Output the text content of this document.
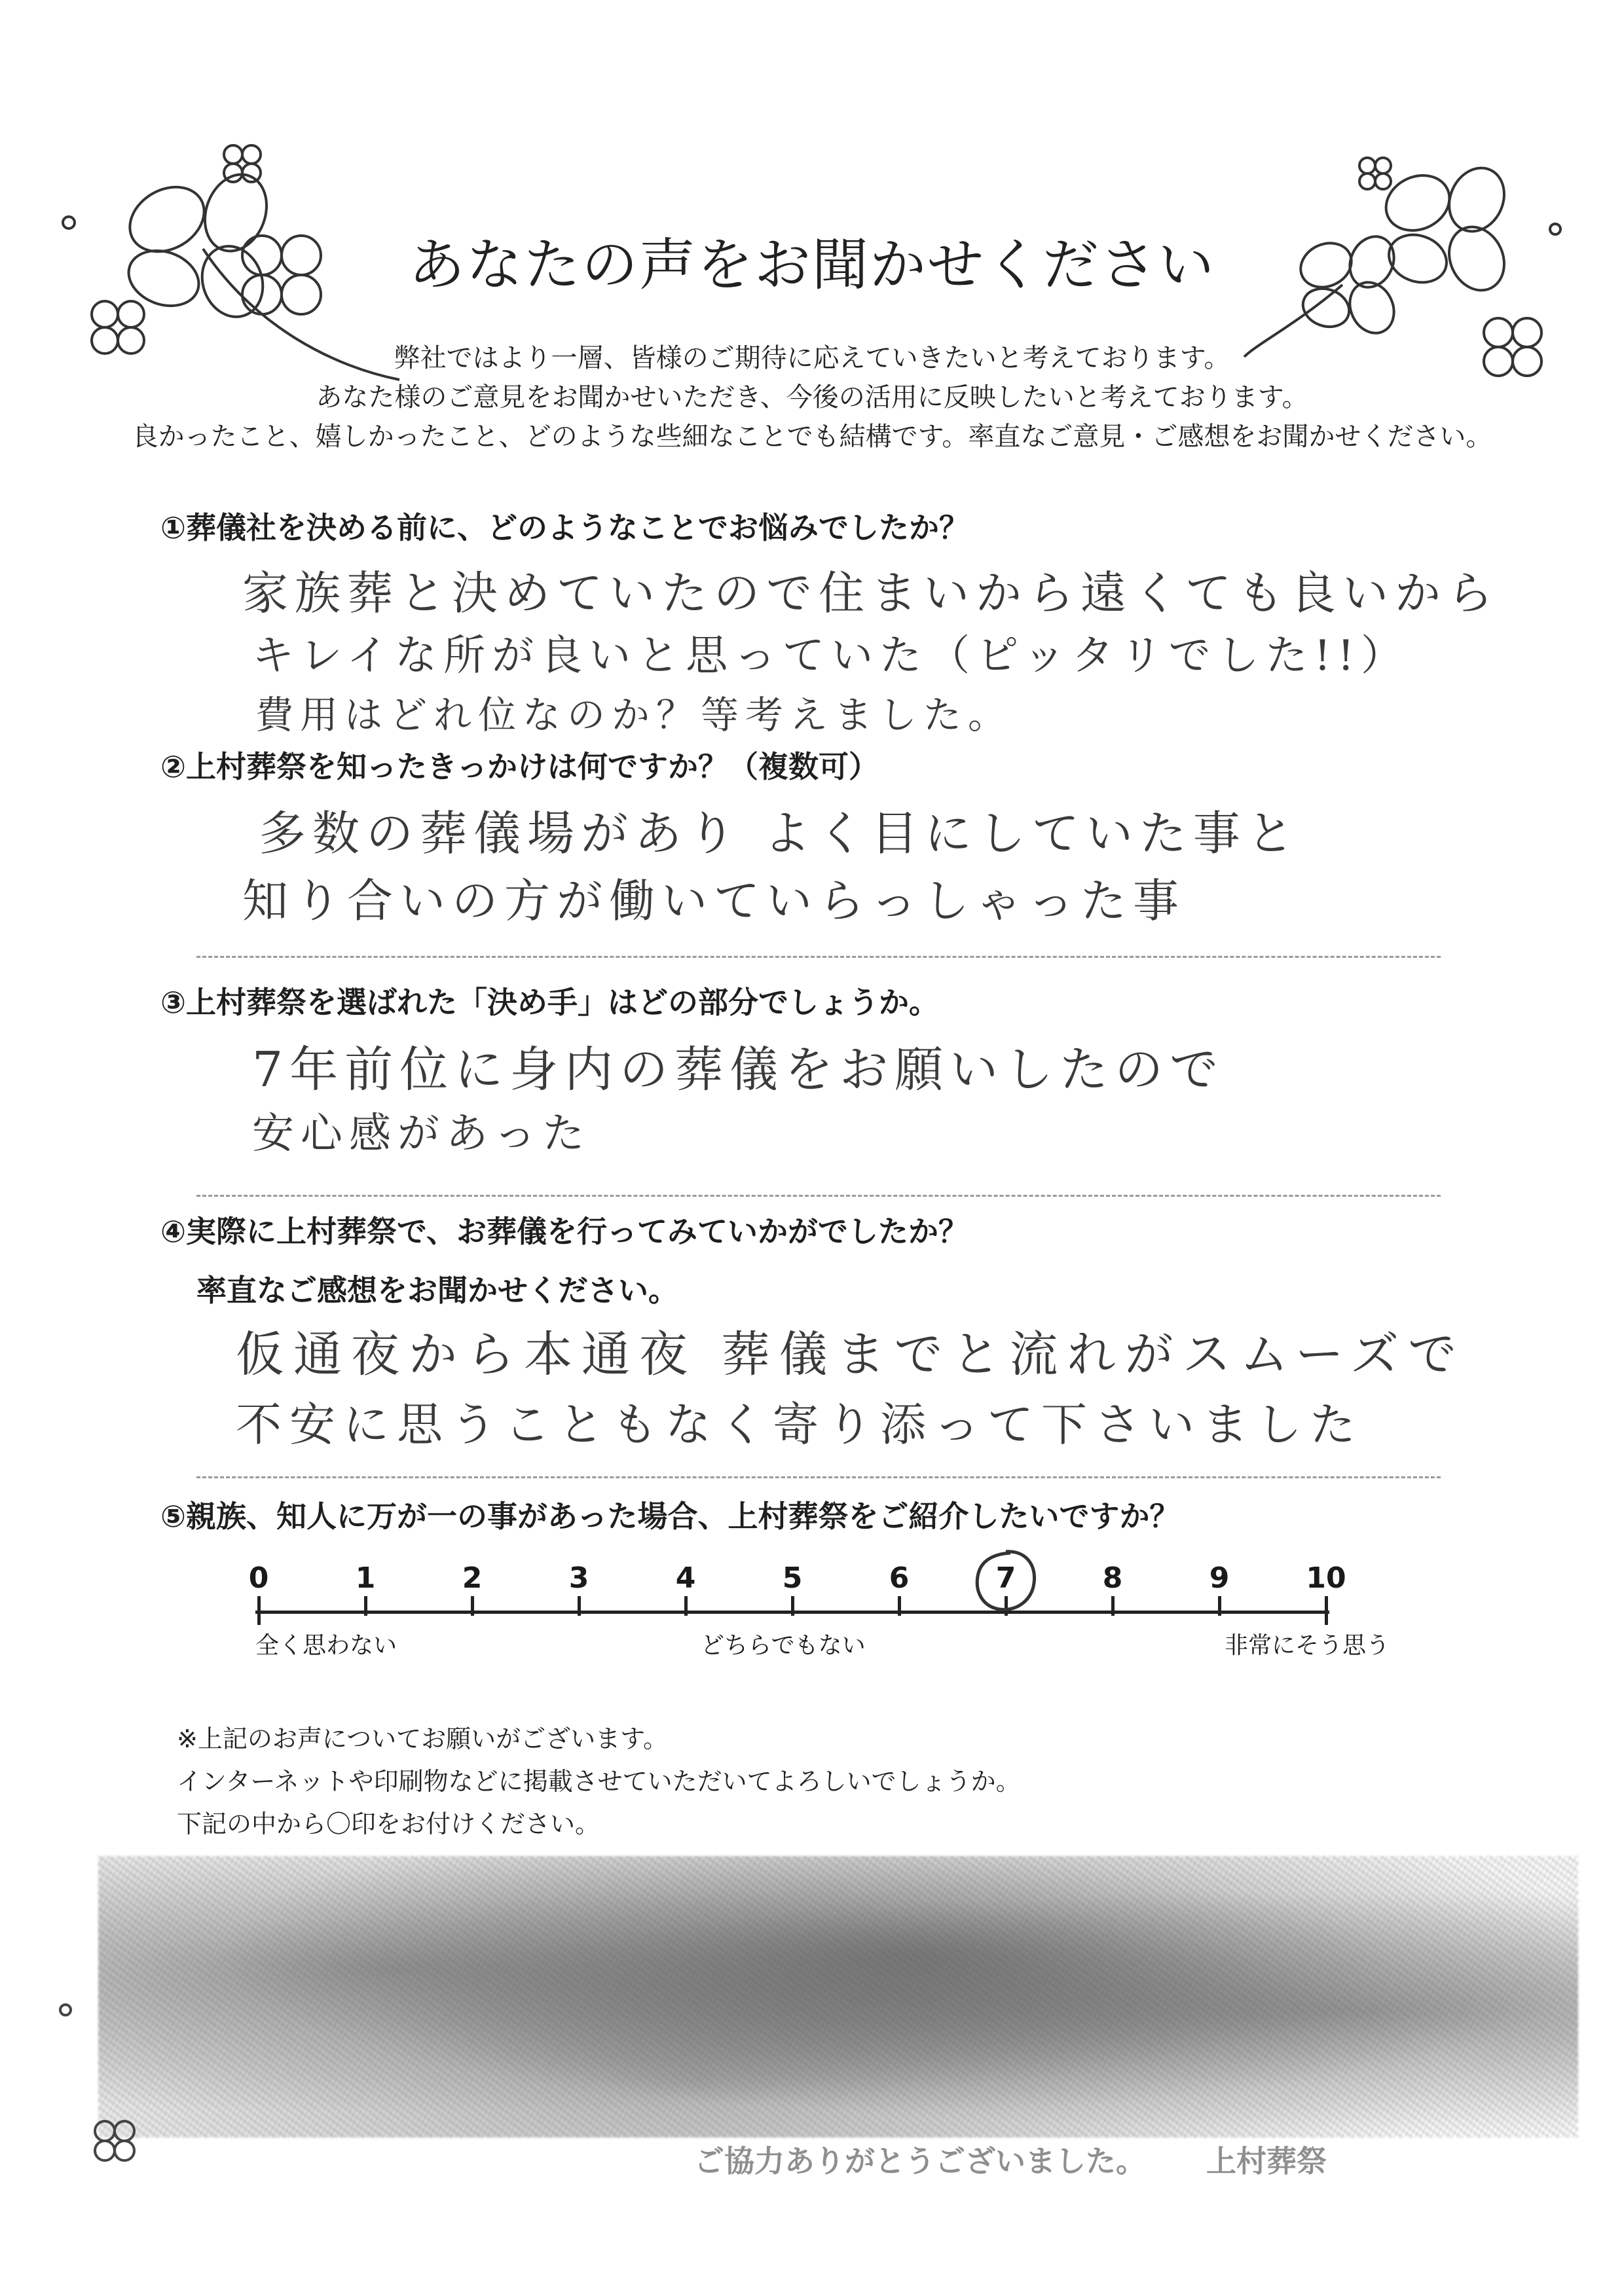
あなたの声をお聞かせください
弊社ではより一層、皆様のご期待に応えていきたいと考えております。
あなた様のご意見をお聞かせいただき、今後の活用に反映したいと考えております。
良かったこと、嬉しかったこと、どのような些細なことでも結構です。率直なご意見・ご感想をお聞かせください。
①葬儀社を決める前に、どのようなことでお悩みでしたか？
家族葬と決めていたので住まいから遠くても良いから
キレイな所が良いと思っていた（ピッタリでした!!）
費用はどれ位なのか？等考えました。
②上村葬祭を知ったきっかけは何ですか？（複数可）
多数の葬儀場があり よく目にしていた事と
知り合いの方が働いていらっしゃった事
③上村葬祭を選ばれた「決め手」はどの部分でしょうか。
7年前位に身内の葬儀をお願いしたので
安心感があった
④実際に上村葬祭で、お葬儀を行ってみていかがでしたか？
率直なご感想をお聞かせください。
仮通夜から本通夜 葬儀までと流れがスムーズで
不安に思うこともなく寄り添って下さいました
⑤親族、知人に万が一の事があった場合、上村葬祭をご紹介したいですか？
0	1	2	3	4	5	6	7	8	9	10
全く思わない	どちらでもない	非常にそう思う
※上記のお声についてお願いがございます。
インターネットや印刷物などに掲載させていただいてよろしいでしょうか。
下記の中から〇印をお付けください。
ご協力ありがとうございました。 上村葬祭
